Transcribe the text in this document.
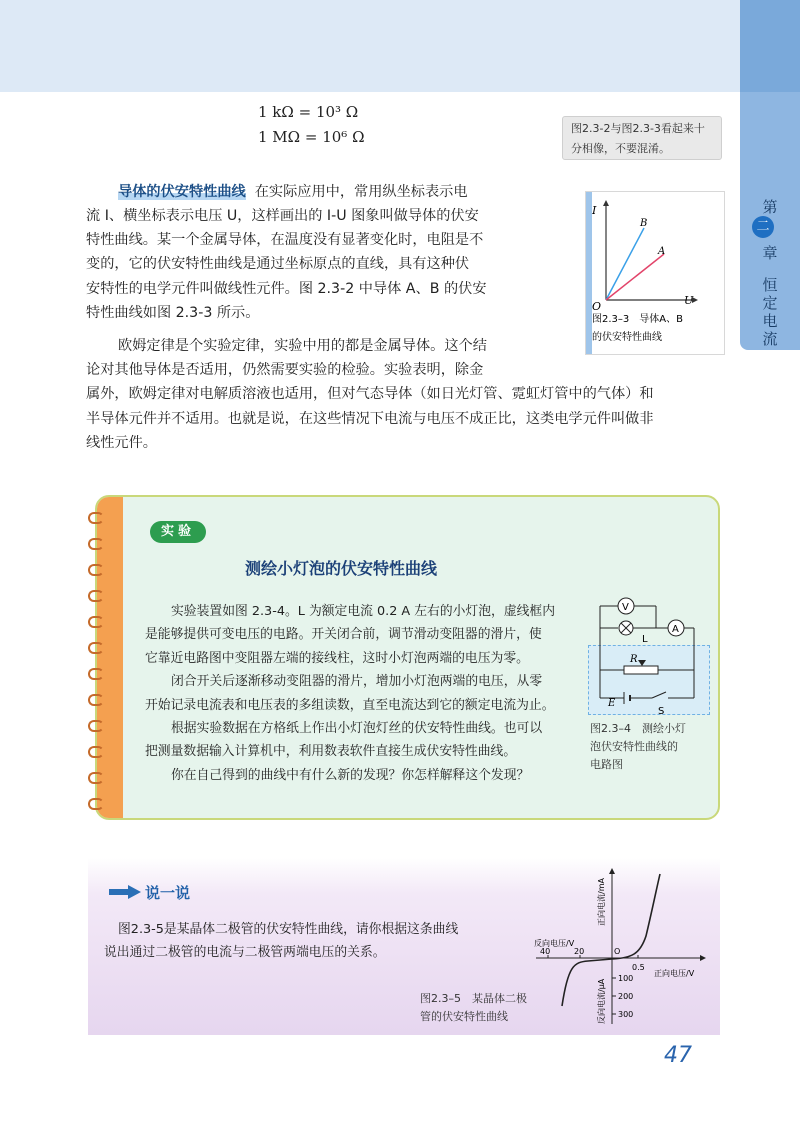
第
二
章
恒
定
电
流
1 kΩ = 10³ Ω
1 MΩ = 10⁶ Ω	图2.3-2与图2.3-3看起来十分相像，不要混淆。
导体的伏安特性曲线 在实际应用中，常用纵坐标表示电
流 I、横坐标表示电压 U，这样画出的 I-U 图象叫做导体的伏安
特性曲线。某一个金属导体，在温度没有显著变化时，电阻是不
变的，它的伏安特性曲线是通过坐标原点的直线，具有这种伏
安特性的电学元件叫做线性元件。图 2.3-2 中导体 A、B 的伏安
特性曲线如图 2.3-3 所示。
欧姆定律是个实验定律，实验中用的都是金属导体。这个结
论对其他导体是否适用，仍然需要实验的检验。实验表明，除金
属外，欧姆定律对电解质溶液也适用，但对气态导体（如日光灯管、霓虹灯管中的气体）和
半导体元件并不适用。也就是说，在这些情况下电流与电压不成正比，这类电学元件叫做非
线性元件。
I
U
O
B
A
图2.3–3　导体A、B
的伏安特性曲线
实验
测绘小灯泡的伏安特性曲线
实验装置如图 2.3-4。L 为额定电流 0.2 A 左右的小灯泡，虚线框内
是能够提供可变电压的电路。开关闭合前，调节滑动变阻器的滑片，使
它靠近电路图中变阻器左端的接线柱，这时小灯泡两端的电压为零。
闭合开关后逐渐移动变阻器的滑片，增加小灯泡两端的电压，从零
开始记录电流表和电压表的多组读数，直至电流达到它的额定电流为止。
根据实验数据在方格纸上作出小灯泡灯丝的伏安特性曲线。也可以
把测量数据输入计算机中，利用数表软件直接生成伏安特性曲线。
你在自己得到的曲线中有什么新的发现？你怎样解释这个发现？
V
L
A
R
E
S
图2.3–4　测绘小灯
泡伏安特性曲线的
电路图
说一说
图2.3-5是某晶体二极管的伏安特性曲线，请你根据这条曲线
说出通过二极管的电流与二极管两端电压的关系。
图2.3–5　某晶体二极
管的伏安特性曲线
反向电压/V
40	20	O
0.5
正向电压/V
100
200
300
正向电流/mA
反向电流/μA
47
